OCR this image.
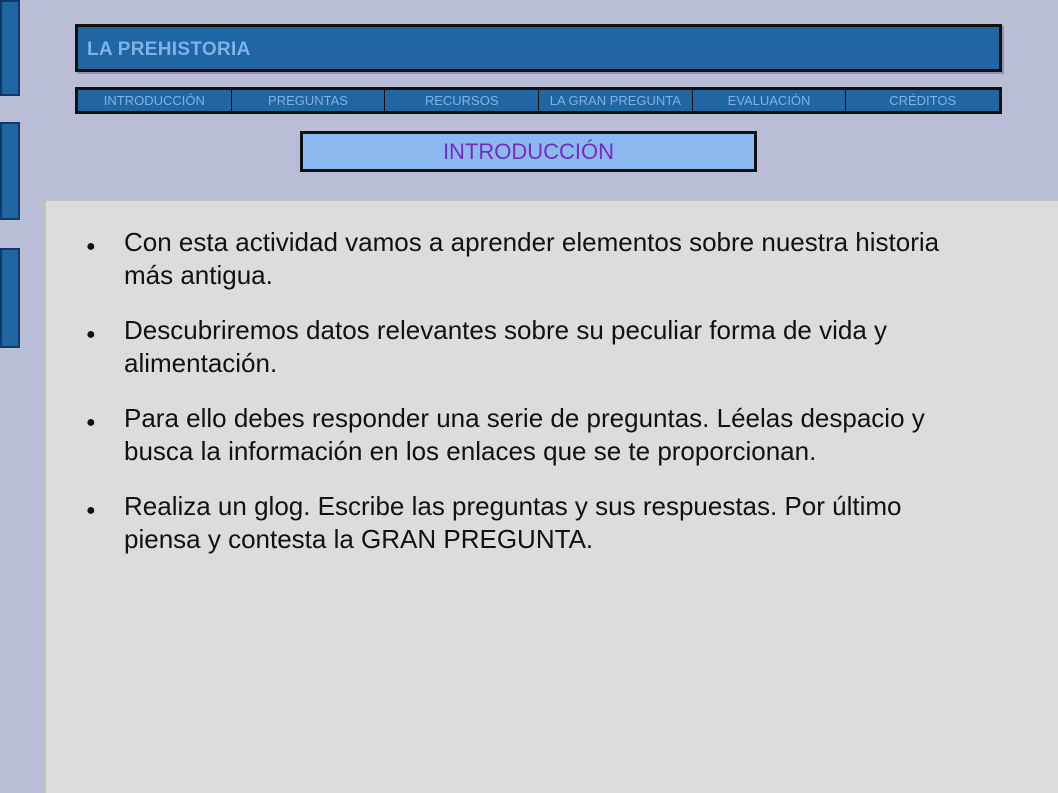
LA PREHISTORIA
INTRODUCCIÓN	PREGUNTAS	RECURSOS	LA GRAN PREGUNTA	EVALUACIÓN	CRÉDITOS
INTRODUCCIÓN
● Con esta actividad vamos a aprender elementos sobre nuestra historia más antigua.
● Descubriremos datos relevantes sobre su peculiar forma de vida y alimentación.
● Para ello debes responder una serie de preguntas. Léelas despacio y busca la información en los enlaces que se te proporcionan.
● Realiza un glog. Escribe las preguntas y sus respuestas. Por último piensa y contesta la GRAN PREGUNTA.
